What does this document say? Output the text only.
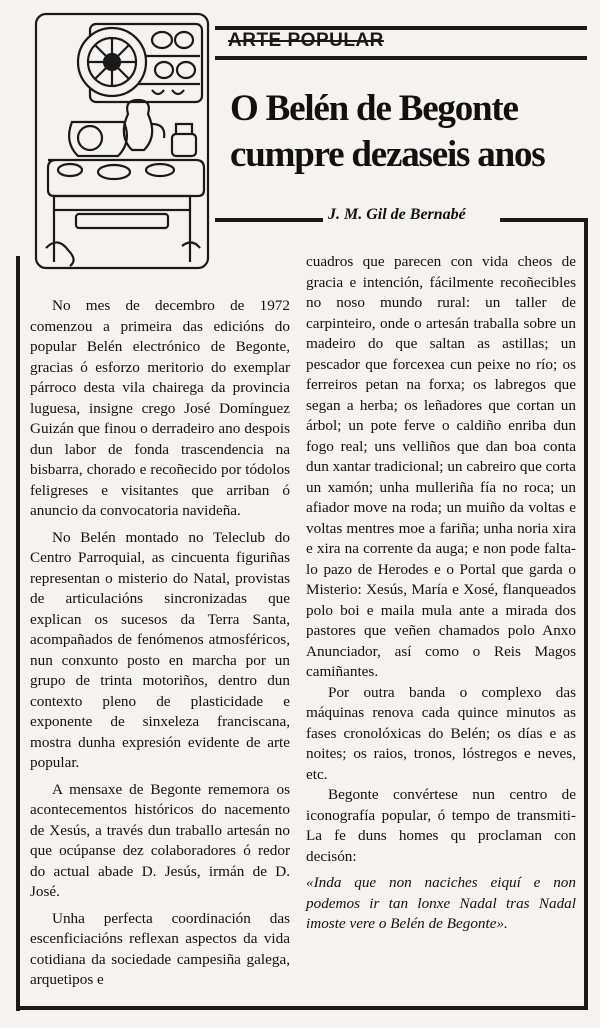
ARTE POPULAR
O Belén de Begonte cumpre dezaseis anos
J. M. Gil de Bernabé

No mes de decembro de 1972 comenzou a primeira das edicións do popular Belén electrónico de Begonte, gracias ó esforzo meritorio do exemplar párroco desta vila chairega da provincia luguesa, insigne crego José Domínguez Guizán que finou o derradeiro ano despois dun labor de fonda trascendencia na bisbarra, chorado e recoñecido por tódolos feligreses e visitantes que arriban ó anuncio da convocatoria navideña.

No Belén montado no Teleclub do Centro Parroquial, as cincuenta figuriñas representan o misterio do Natal, provistas de articulacións sincronizadas que explican os sucesos da Terra Santa, acompañados de fenómenos atmosféricos, nun conxunto posto en marcha por un grupo de trinta motoriños, dentro dun contexto pleno de plasticidade e exponente de sinxeleza franciscana, mostra dunha expresión evidente de arte popular.

A mensaxe de Begonte rememora os acontecementos históricos do nacemento de Xesús, a través dun traballo artesán no que ocúpanse dez colaboradores ó redor do actual abade D. Jesús, irmán de D. José.

Unha perfecta coordinación das escenficiacións reflexan aspectos da vida cotidiana da sociedade campesiña galega, arquetipos e

cuadros que parecen con vida cheos de gracia e intención, fácilmente recoñecibles no noso mundo rural: un taller de carpinteiro, onde o artesán traballa sobre un madeiro do que saltan as astillas; un pescador que forcexea cun peixe no río; os ferreiros petan na forxa; os labregos que segan a herba; os leñadores que cortan un árbol; un pote ferve o caldiño enriba dun fogo real; uns velliños que dan boa conta dun xantar tradicional; un cabreiro que corta un xamón; unha mulleriña fía no roca; un afiador move na roda; un muiño da voltas e voltas mentres moe a fariña; unha noria xira e xira na corrente da auga; e non pode falta-lo pazo de Herodes e o Portal que garda o Misterio: Xesús, María e Xosé, flanqueados polo boi e maila mula ante a mirada dos pastores que veñen chamados polo Anxo Anunciador, así como o Reis Magos camiñantes.

Por outra banda o complexo das máquinas renova cada quince minutos as fases cronolóxicas do Belén; os días e as noites; os raios, tronos, lóstregos e neves, etc.

Begonte convértese nun centro de iconografía popular, ó tempo de transmiti-La fe duns homes qu proclaman con decisón:

«Inda que non naciches eiquí e non podemos ir tan lonxe Nadal tras Nadal imoste vere o Belén de Begonte».
